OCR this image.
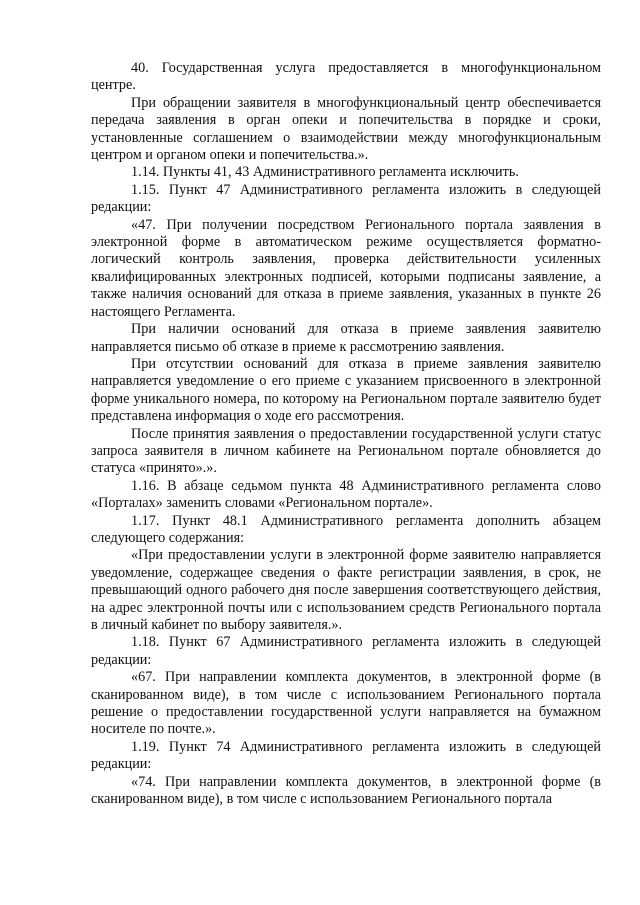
40. Государственная услуга предоставляется в многофункциональном центре.

При обращении заявителя в многофункциональный центр обеспечивается передача заявления в орган опеки и попечительства в порядке и сроки, установленные соглашением о взаимодействии между многофункциональным центром и органом опеки и попечительства.».

1.14. Пункты 41, 43 Административного регламента исключить.

1.15. Пункт 47 Административного регламента изложить в следующей редакции:

«47. При получении посредством Регионального портала заявления в электронной форме в автоматическом режиме осуществляется форматно-логический контроль заявления, проверка действительности усиленных квалифицированных электронных подписей, которыми подписаны заявление, а также наличия оснований для отказа в приеме заявления, указанных в пункте 26 настоящего Регламента.

При наличии оснований для отказа в приеме заявления заявителю направляется письмо об отказе в приеме к рассмотрению заявления.

При отсутствии оснований для отказа в приеме заявления заявителю направляется уведомление о его приеме с указанием присвоенного в электронной форме уникального номера, по которому на Региональном портале заявителю будет представлена информация о ходе его рассмотрения.

После принятия заявления о предоставлении государственной услуги статус запроса заявителя в личном кабинете на Региональном портале обновляется до статуса «принято».».

1.16. В абзаце седьмом пункта 48 Административного регламента слово «Порталах» заменить словами «Региональном портале».

1.17. Пункт 48.1 Административного регламента дополнить абзацем следующего содержания:

«При предоставлении услуги в электронной форме заявителю направляется уведомление, содержащее сведения о факте регистрации заявления, в срок, не превышающий одного рабочего дня после завершения соответствующего действия, на адрес электронной почты или с использованием средств Регионального портала в личный кабинет по выбору заявителя.».

1.18. Пункт 67 Административного регламента изложить в следующей редакции:

«67. При направлении комплекта документов, в электронной форме (в сканированном виде), в том числе с использованием Регионального портала решение о предоставлении государственной услуги направляется на бумажном носителе по почте.».

1.19. Пункт 74 Административного регламента изложить в следующей редакции:

«74. При направлении комплекта документов, в электронной форме (в сканированном виде), в том числе с использованием Регионального портала
